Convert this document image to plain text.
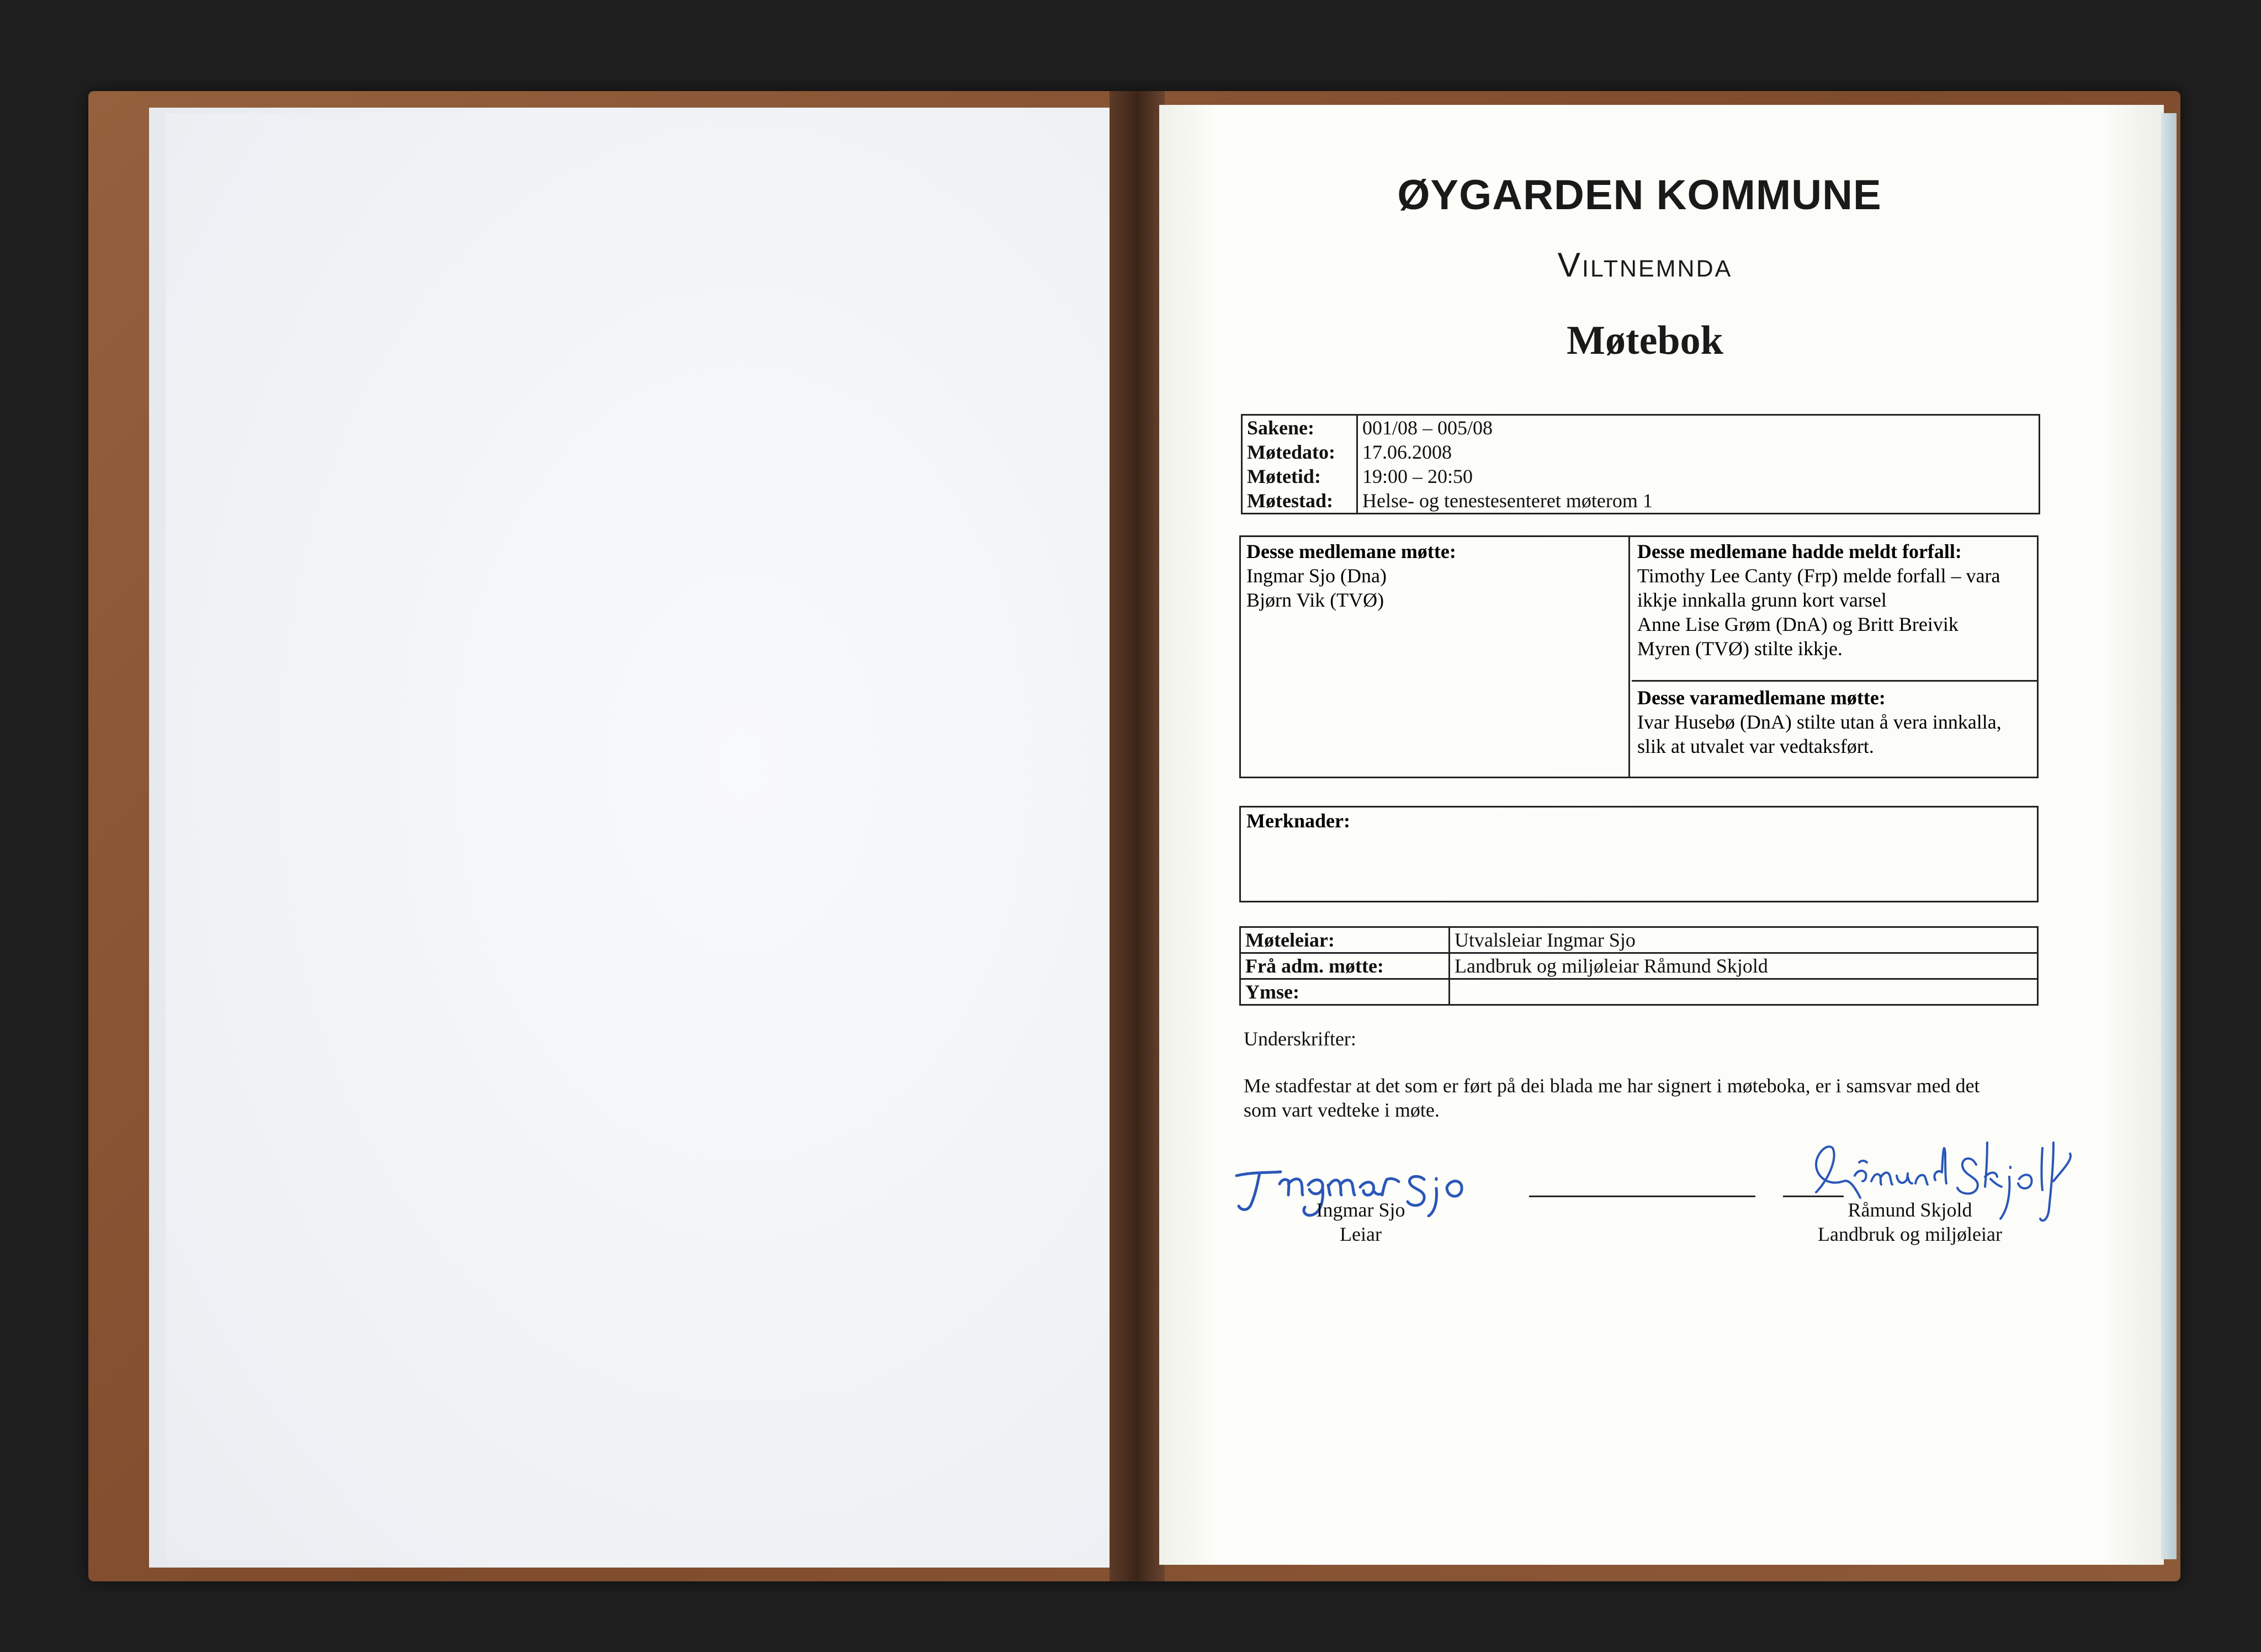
ØYGARDEN KOMMUNE
Viltnemnda
Møtebok
Sakene:	001/08 – 005/08
Møtedato:	17.06.2008
Møtetid:	19:00 – 20:50
Møtestad:	Helse- og tenestesenteret møterom 1
Desse medlemane møtte:
Ingmar Sjo (Dna)
Bjørn Vik (TVØ)
Desse medlemane hadde meldt forfall:
Timothy Lee Canty (Frp) melde forfall – vara
ikkje innkalla grunn kort varsel
Anne Lise Grøm (DnA) og Britt Breivik
Myren (TVØ) stilte ikkje.
Desse varamedlemane møtte:
Ivar Husebø (DnA) stilte utan å vera innkalla,
slik at utvalet var vedtaksført.
Merknader:
Møteleiar:	Utvalsleiar Ingmar Sjo
Frå adm. møtte:	Landbruk og miljøleiar Råmund Skjold
Ymse:	
Underskrifter:
Me stadfestar at det som er ført på dei blada me har signert i møteboka, er i samsvar med det
som vart vedteke i møte.
Ingmar Sjo
Leiar
Råmund Skjold
Landbruk og miljøleiar
